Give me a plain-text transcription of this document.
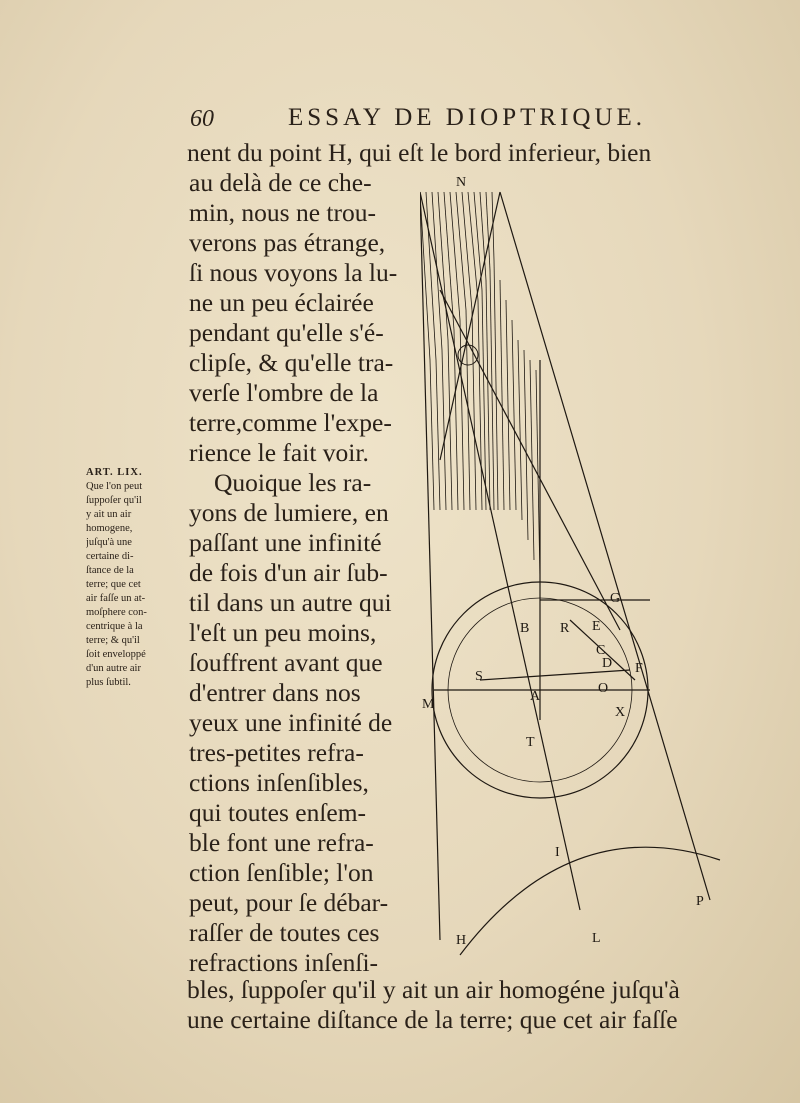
60	ESSAY DE DIOPTRIQUE.
nent du point H, qui eſt le bord inferieur, bien
au delà de ce che-
min, nous ne trou-
verons pas étrange,
ſi nous voyons la lu-
ne un peu éclairée
pendant qu'elle s'é-
clipſe, & qu'elle tra-
verſe l'ombre de la
terre,comme l'expe-
rience le fait voir.
Quoique les ra-
yons de lumiere, en
paſſant une infinité
de fois d'un air ſub-
til dans un autre qui
l'eſt un peu moins,
ſouffrent avant que
d'entrer dans nos
yeux une infinité de
tres-petites refra-
ctions inſenſibles,
qui toutes enſem-
ble font une refra-
ction ſenſible; l'on
peut, pour ſe débar-
raſſer de toutes ces
refractions inſenſi-
bles, ſuppoſer qu'il y ait un air homogéne juſqu'à
une certaine diſtance de la terre; que cet air faſſe
ART. LIX.
Que l'on peut
ſuppoſer qu'il
y ait un air
homogene,
juſqu'à une
certaine di-
ſtance de la
terre; que cet
air faſſe un at-
moſphere con-
centrique à la
terre; & qu'il
ſoit enveloppé
d'un autre air
plus ſubtil.
N
G
B R E
C
D F
O
S
A
M
X
T
I
P
H	L
